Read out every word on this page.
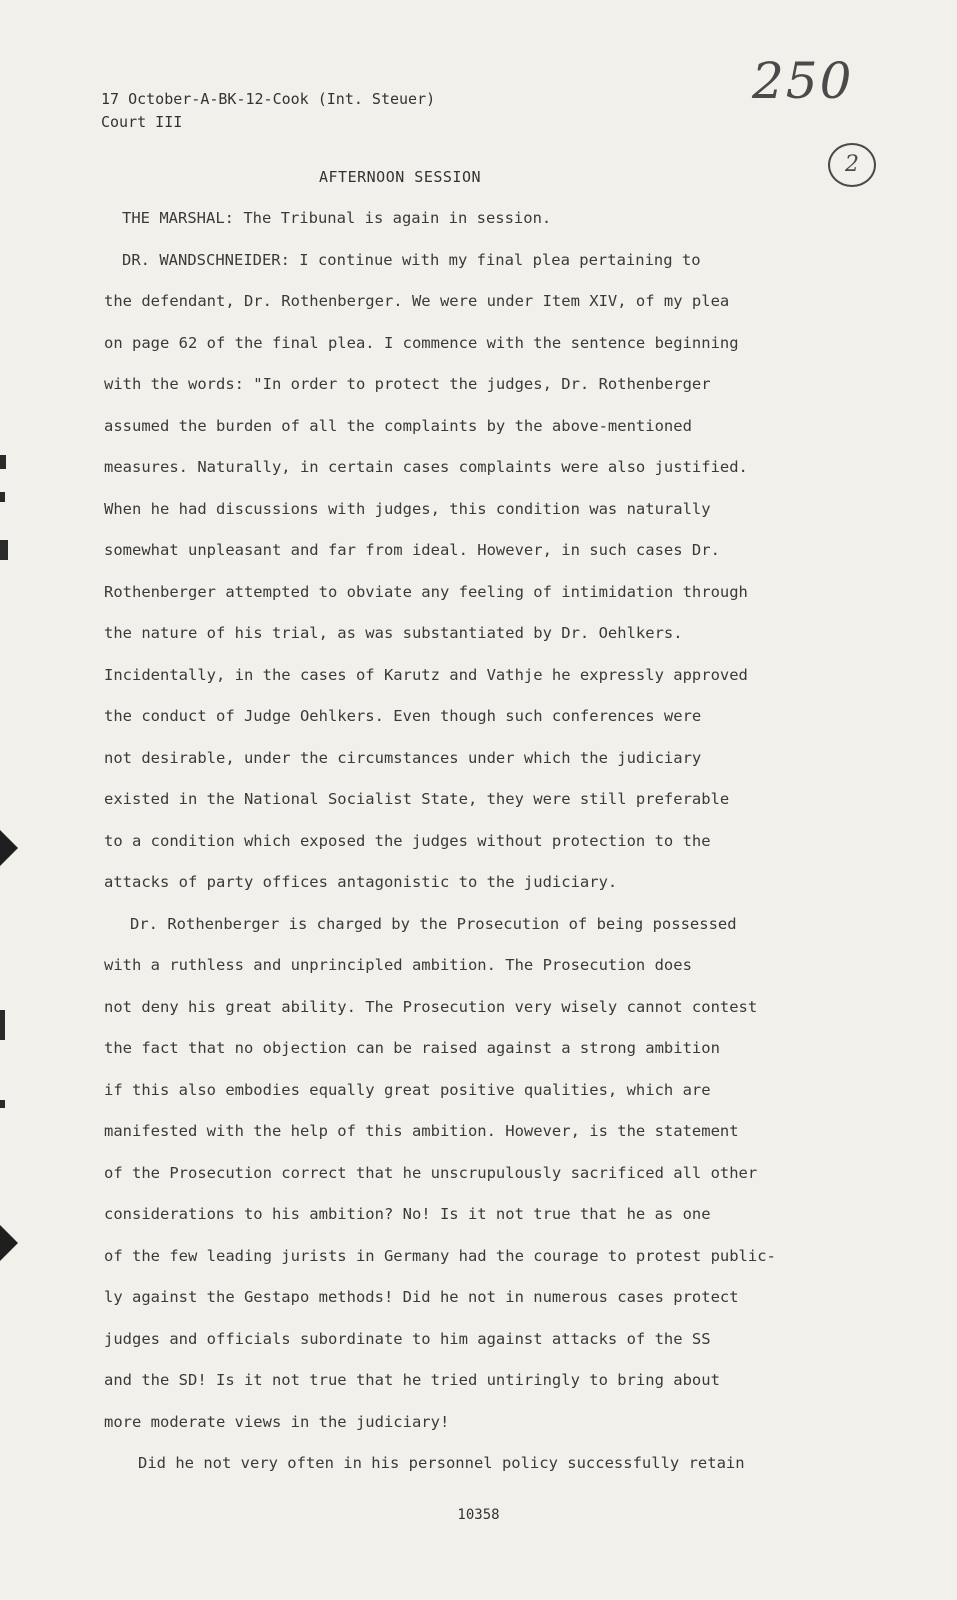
17 October-A-BK-12-Cook (Int. Steuer)
Court III
250
2
AFTERNOON SESSION
THE MARSHAL: The Tribunal is again in session.
DR. WANDSCHNEIDER: I continue with my final plea pertaining to
the defendant, Dr. Rothenberger. We were under Item XIV, of my plea
on page 62 of the final plea. I commence with the sentence beginning
with the words: "In order to protect the judges, Dr. Rothenberger
assumed the burden of all the complaints by the above-mentioned
measures. Naturally, in certain cases complaints were also justified.
When he had discussions with judges, this condition was naturally
somewhat unpleasant and far from ideal. However, in such cases Dr.
Rothenberger attempted to obviate any feeling of intimidation through
the nature of his trial, as was substantiated by Dr. Oehlkers.
Incidentally, in the cases of Karutz and Vathje he expressly approved
the conduct of Judge Oehlkers. Even though such conferences were
not desirable, under the circumstances under which the judiciary
existed in the National Socialist State, they were still preferable
to a condition which exposed the judges without protection to the
attacks of party offices antagonistic to the judiciary.
Dr. Rothenberger is charged by the Prosecution of being possessed
with a ruthless and unprincipled ambition. The Prosecution does
not deny his great ability. The Prosecution very wisely cannot contest
the fact that no objection can be raised against a strong ambition
if this also embodies equally great positive qualities, which are
manifested with the help of this ambition. However, is the statement
of the Prosecution correct that he unscrupulously sacrificed all other
considerations to his ambition? No! Is it not true that he as one
of the few leading jurists in Germany had the courage to protest public-
ly against the Gestapo methods! Did he not in numerous cases protect
judges and officials subordinate to him against attacks of the SS
and the SD! Is it not true that he tried untiringly to bring about
more moderate views in the judiciary!
Did he not very often in his personnel policy successfully retain
10358
